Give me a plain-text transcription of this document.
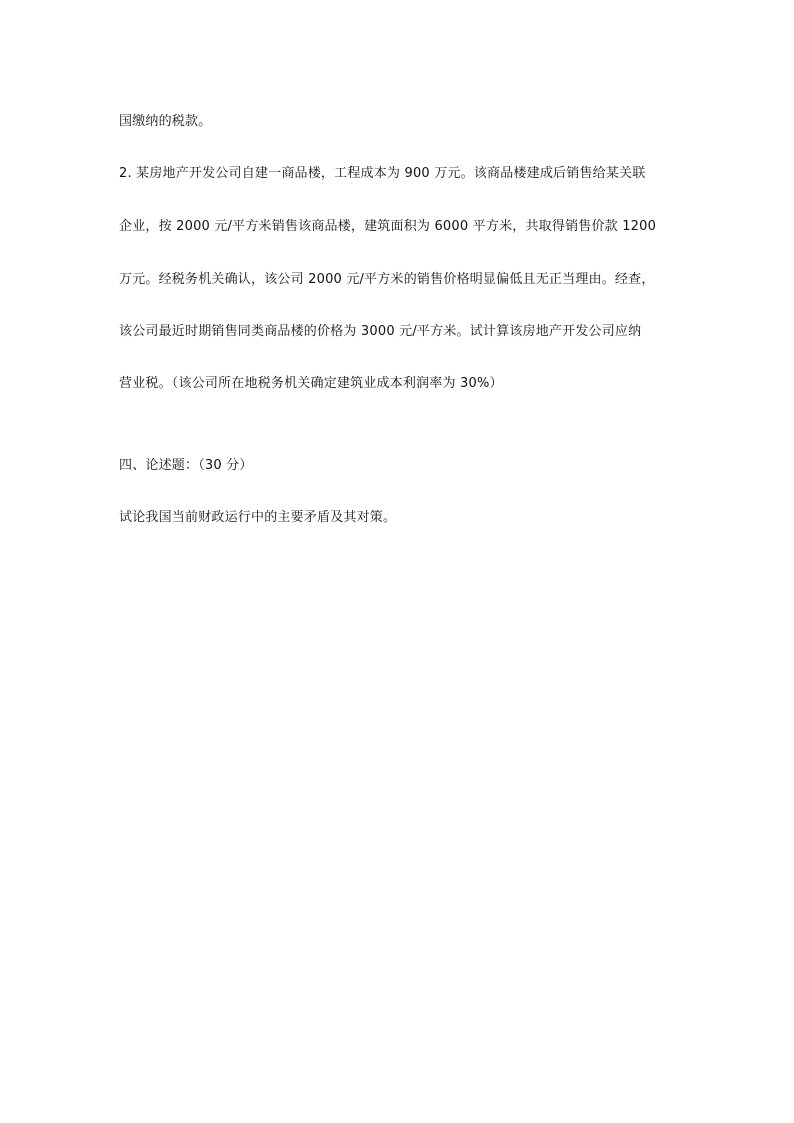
国缴纳的税款。
2. 某房地产开发公司自建一商品楼，工程成本为 900 万元。该商品楼建成后销售给某关联
企业，按 2000 元/平方米销售该商品楼，建筑面积为 6000 平方米，共取得销售价款 1200
万元。经税务机关确认，该公司 2000 元/平方米的销售价格明显偏低且无正当理由。经查，
该公司最近时期销售同类商品楼的价格为 3000 元/平方米。试计算该房地产开发公司应纳
营业税。（该公司所在地税务机关确定建筑业成本利润率为 30%）
四、论述题：（30 分）
试论我国当前财政运行中的主要矛盾及其对策。
